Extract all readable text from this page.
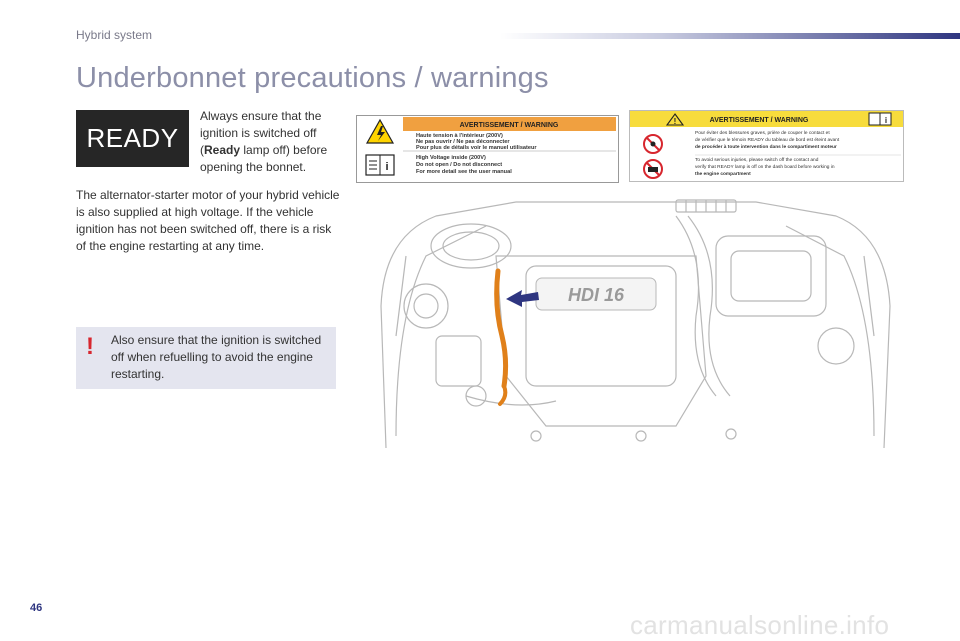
Hybrid system
Underbonnet precautions / warnings
READY
Always ensure that the ignition is switched off (Ready lamp off) before opening the bonnet.
The alternator-starter motor of your hybrid vehicle is also supplied at high voltage. If the vehicle ignition has not been switched off, there is a risk of the engine restarting at any time.
! Also ensure that the ignition is switched off when refuelling to avoid the engine restarting.
AVERTISSEMENT / WARNING
i
Haute tension à l'intérieur (200V)
Ne pas ouvrir / Ne pas déconnecter
Pour plus de détails voir le manuel utilisateur
High Voltage inside (200V)
Do not open / Do not disconnect
For more detail see the user manual
!	AVERTISSEMENT / WARNING	i
Pour éviter des blessures graves, prière de couper le contact et
de vérifier que le témoin READY du tableau de bord est éteint avant
de procéder à toute intervention dans le compartiment moteur
To avoid serious injuries, please switch off the contact and
verify that READY lamp is off on the dash board before working in
the engine compartment
HDI 16
46
carmanualsonline.info
